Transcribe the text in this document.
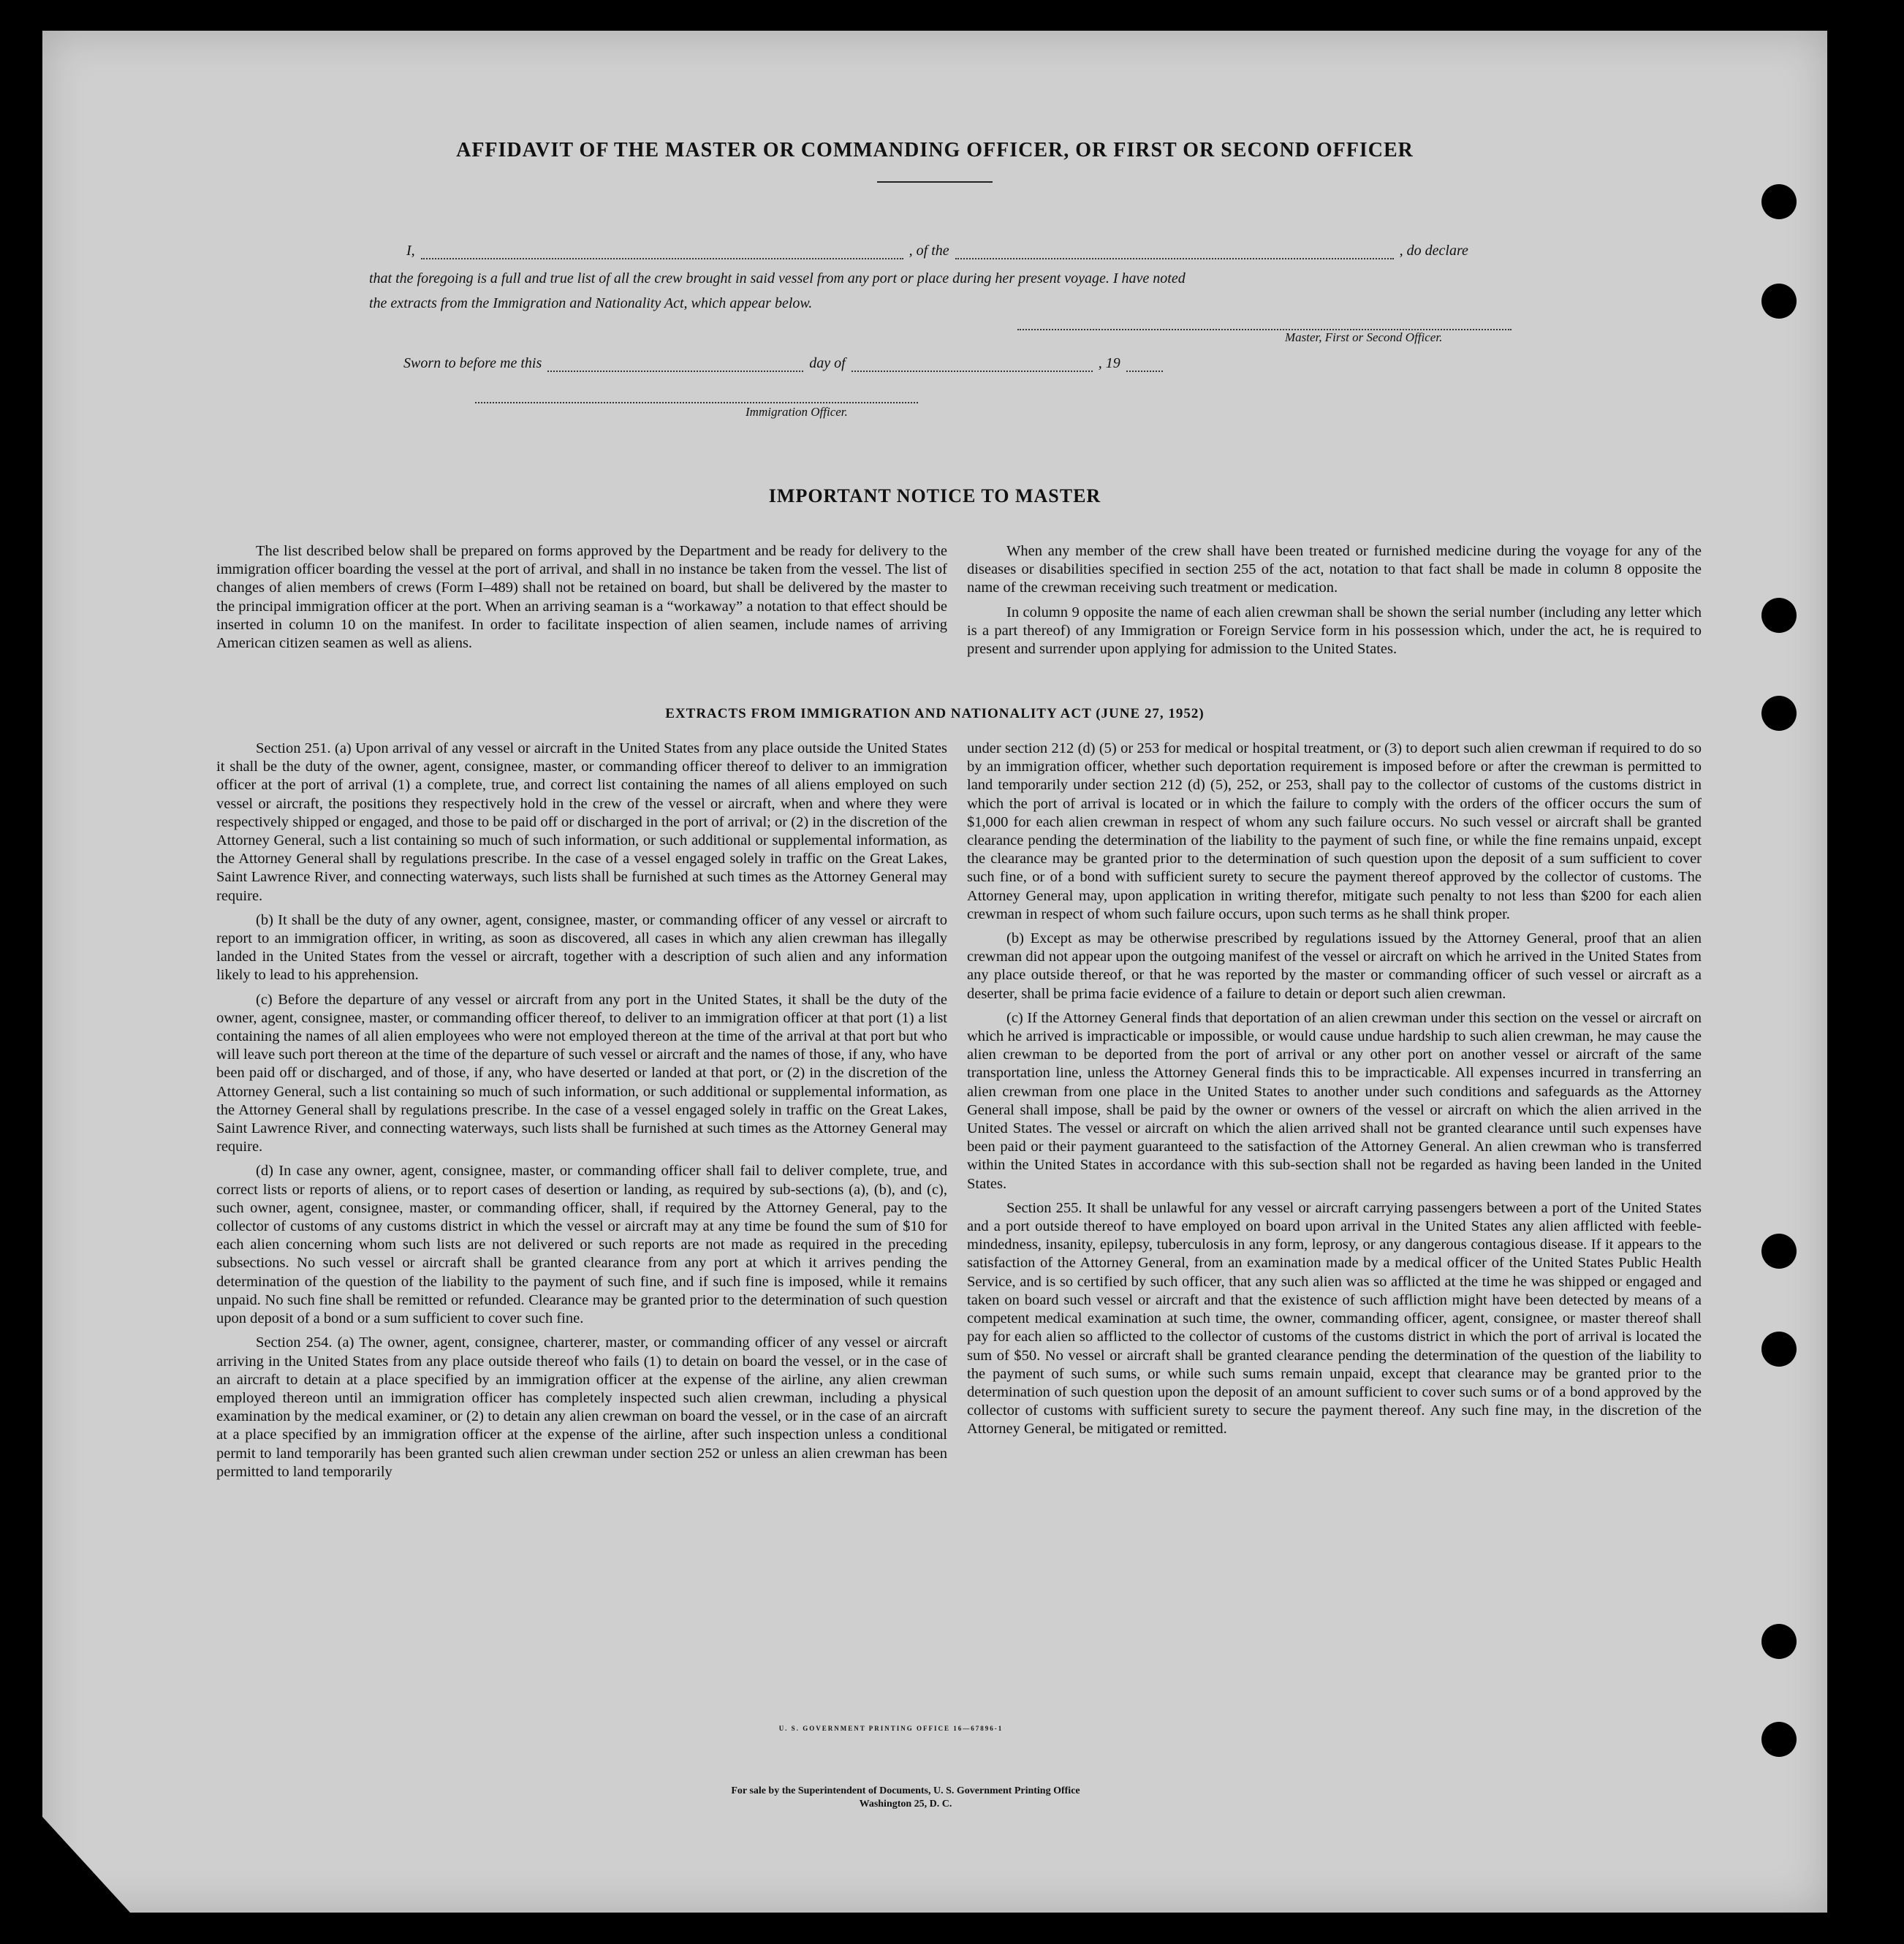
AFFIDAVIT OF THE MASTER OR COMMANDING OFFICER, OR FIRST OR SECOND OFFICER
I,	, of the	, do declare
that the foregoing is a full and true list of all the crew brought in said vessel from any port or place during her present voyage. I have noted
the extracts from the Immigration and Nationality Act, which appear below.
Master, First or Second Officer.
Sworn to before me this	day of	, 19
Immigration Officer.
IMPORTANT NOTICE TO MASTER

The list described below shall be prepared on forms approved by the Department and be ready for delivery to the immigration officer boarding the vessel at the port of arrival, and shall in no instance be taken from the vessel. The list of changes of alien members of crews (Form I–489) shall not be retained on board, but shall be delivered by the master to the principal immigration officer at the port. When an arriving seaman is a “workaway” a notation to that effect should be inserted in column 10 on the manifest. In order to facilitate inspection of alien seamen, include names of arriving American citizen seamen as well as aliens.

When any member of the crew shall have been treated or furnished medicine during the voyage for any of the diseases or disabilities specified in section 255 of the act, notation to that fact shall be made in column 8 opposite the name of the crewman receiving such treatment or medication.

In column 9 opposite the name of each alien crewman shall be shown the serial number (including any letter which is a part thereof) of any Immigration or Foreign Service form in his possession which, under the act, he is required to present and surrender upon applying for admission to the United States.

EXTRACTS FROM IMMIGRATION AND NATIONALITY ACT (JUNE 27, 1952)

Section 251. (a) Upon arrival of any vessel or aircraft in the United States from any place outside the United States it shall be the duty of the owner, agent, consignee, master, or commanding officer thereof to deliver to an immigration officer at the port of arrival (1) a complete, true, and correct list containing the names of all aliens employed on such vessel or aircraft, the positions they respectively hold in the crew of the vessel or aircraft, when and where they were respectively shipped or engaged, and those to be paid off or discharged in the port of arrival; or (2) in the discretion of the Attorney General, such a list containing so much of such information, or such additional or supplemental information, as the Attorney General shall by regulations prescribe. In the case of a vessel engaged solely in traffic on the Great Lakes, Saint Lawrence River, and connecting waterways, such lists shall be furnished at such times as the Attorney General may require.

(b) It shall be the duty of any owner, agent, consignee, master, or commanding officer of any vessel or aircraft to report to an immigration officer, in writing, as soon as discovered, all cases in which any alien crewman has illegally landed in the United States from the vessel or aircraft, together with a description of such alien and any information likely to lead to his apprehension.

(c) Before the departure of any vessel or aircraft from any port in the United States, it shall be the duty of the owner, agent, consignee, master, or commanding officer thereof, to deliver to an immigration officer at that port (1) a list containing the names of all alien employees who were not employed thereon at the time of the arrival at that port but who will leave such port thereon at the time of the departure of such vessel or aircraft and the names of those, if any, who have been paid off or discharged, and of those, if any, who have deserted or landed at that port, or (2) in the discretion of the Attorney General, such a list containing so much of such information, or such additional or supplemental information, as the Attorney General shall by regulations prescribe. In the case of a vessel engaged solely in traffic on the Great Lakes, Saint Lawrence River, and connecting waterways, such lists shall be furnished at such times as the Attorney General may require.

(d) In case any owner, agent, consignee, master, or commanding officer shall fail to deliver complete, true, and correct lists or reports of aliens, or to report cases of desertion or landing, as required by sub-sections (a), (b), and (c), such owner, agent, consignee, master, or commanding officer, shall, if required by the Attorney General, pay to the collector of customs of any customs district in which the vessel or aircraft may at any time be found the sum of $10 for each alien concerning whom such lists are not delivered or such reports are not made as required in the preceding subsections. No such vessel or aircraft shall be granted clearance from any port at which it arrives pending the determination of the question of the liability to the payment of such fine, and if such fine is imposed, while it remains unpaid. No such fine shall be remitted or refunded. Clearance may be granted prior to the determination of such question upon deposit of a bond or a sum sufficient to cover such fine.

Section 254. (a) The owner, agent, consignee, charterer, master, or commanding officer of any vessel or aircraft arriving in the United States from any place outside thereof who fails (1) to detain on board the vessel, or in the case of an aircraft to detain at a place specified by an immigration officer at the expense of the airline, any alien crewman employed thereon until an immigration officer has completely inspected such alien crewman, including a physical examination by the medical examiner, or (2) to detain any alien crewman on board the vessel, or in the case of an aircraft at a place specified by an immigration officer at the expense of the airline, after such inspection unless a conditional permit to land temporarily has been granted such alien crewman under section 252 or unless an alien crewman has been permitted to land temporarily

under section 212 (d) (5) or 253 for medical or hospital treatment, or (3) to deport such alien crewman if required to do so by an immigration officer, whether such deportation requirement is imposed before or after the crewman is permitted to land temporarily under section 212 (d) (5), 252, or 253, shall pay to the collector of customs of the customs district in which the port of arrival is located or in which the failure to comply with the orders of the officer occurs the sum of $1,000 for each alien crewman in respect of whom any such failure occurs. No such vessel or aircraft shall be granted clearance pending the determination of the liability to the payment of such fine, or while the fine remains unpaid, except the clearance may be granted prior to the determination of such question upon the deposit of a sum sufficient to cover such fine, or of a bond with sufficient surety to secure the payment thereof approved by the collector of customs. The Attorney General may, upon application in writing therefor, mitigate such penalty to not less than $200 for each alien crewman in respect of whom such failure occurs, upon such terms as he shall think proper.

(b) Except as may be otherwise prescribed by regulations issued by the Attorney General, proof that an alien crewman did not appear upon the outgoing manifest of the vessel or aircraft on which he arrived in the United States from any place outside thereof, or that he was reported by the master or commanding officer of such vessel or aircraft as a deserter, shall be prima facie evidence of a failure to detain or deport such alien crewman.

(c) If the Attorney General finds that deportation of an alien crewman under this section on the vessel or aircraft on which he arrived is impracticable or impossible, or would cause undue hardship to such alien crewman, he may cause the alien crewman to be deported from the port of arrival or any other port on another vessel or aircraft of the same transportation line, unless the Attorney General finds this to be impracticable. All expenses incurred in transferring an alien crewman from one place in the United States to another under such conditions and safeguards as the Attorney General shall impose, shall be paid by the owner or owners of the vessel or aircraft on which the alien arrived in the United States. The vessel or aircraft on which the alien arrived shall not be granted clearance until such expenses have been paid or their payment guaranteed to the satisfaction of the Attorney General. An alien crewman who is transferred within the United States in accordance with this sub-section shall not be regarded as having been landed in the United States.

Section 255. It shall be unlawful for any vessel or aircraft carrying passengers between a port of the United States and a port outside thereof to have employed on board upon arrival in the United States any alien afflicted with feeble-mindedness, insanity, epilepsy, tuberculosis in any form, leprosy, or any dangerous contagious disease. If it appears to the satisfaction of the Attorney General, from an examination made by a medical officer of the United States Public Health Service, and is so certified by such officer, that any such alien was so afflicted at the time he was shipped or engaged and taken on board such vessel or aircraft and that the existence of such affliction might have been detected by means of a competent medical examination at such time, the owner, commanding officer, agent, consignee, or master thereof shall pay for each alien so afflicted to the collector of customs of the customs district in which the port of arrival is located the sum of $50. No vessel or aircraft shall be granted clearance pending the determination of the question of the liability to the payment of such sums, or while such sums remain unpaid, except that clearance may be granted prior to the determination of such question upon the deposit of an amount sufficient to cover such sums or of a bond approved by the collector of customs with sufficient surety to secure the payment thereof. Any such fine may, in the discretion of the Attorney General, be mitigated or remitted.

U. S. GOVERNMENT PRINTING OFFICE 16—67896-1
For sale by the Superintendent of Documents, U. S. Government Printing Office
Washington 25, D. C.
